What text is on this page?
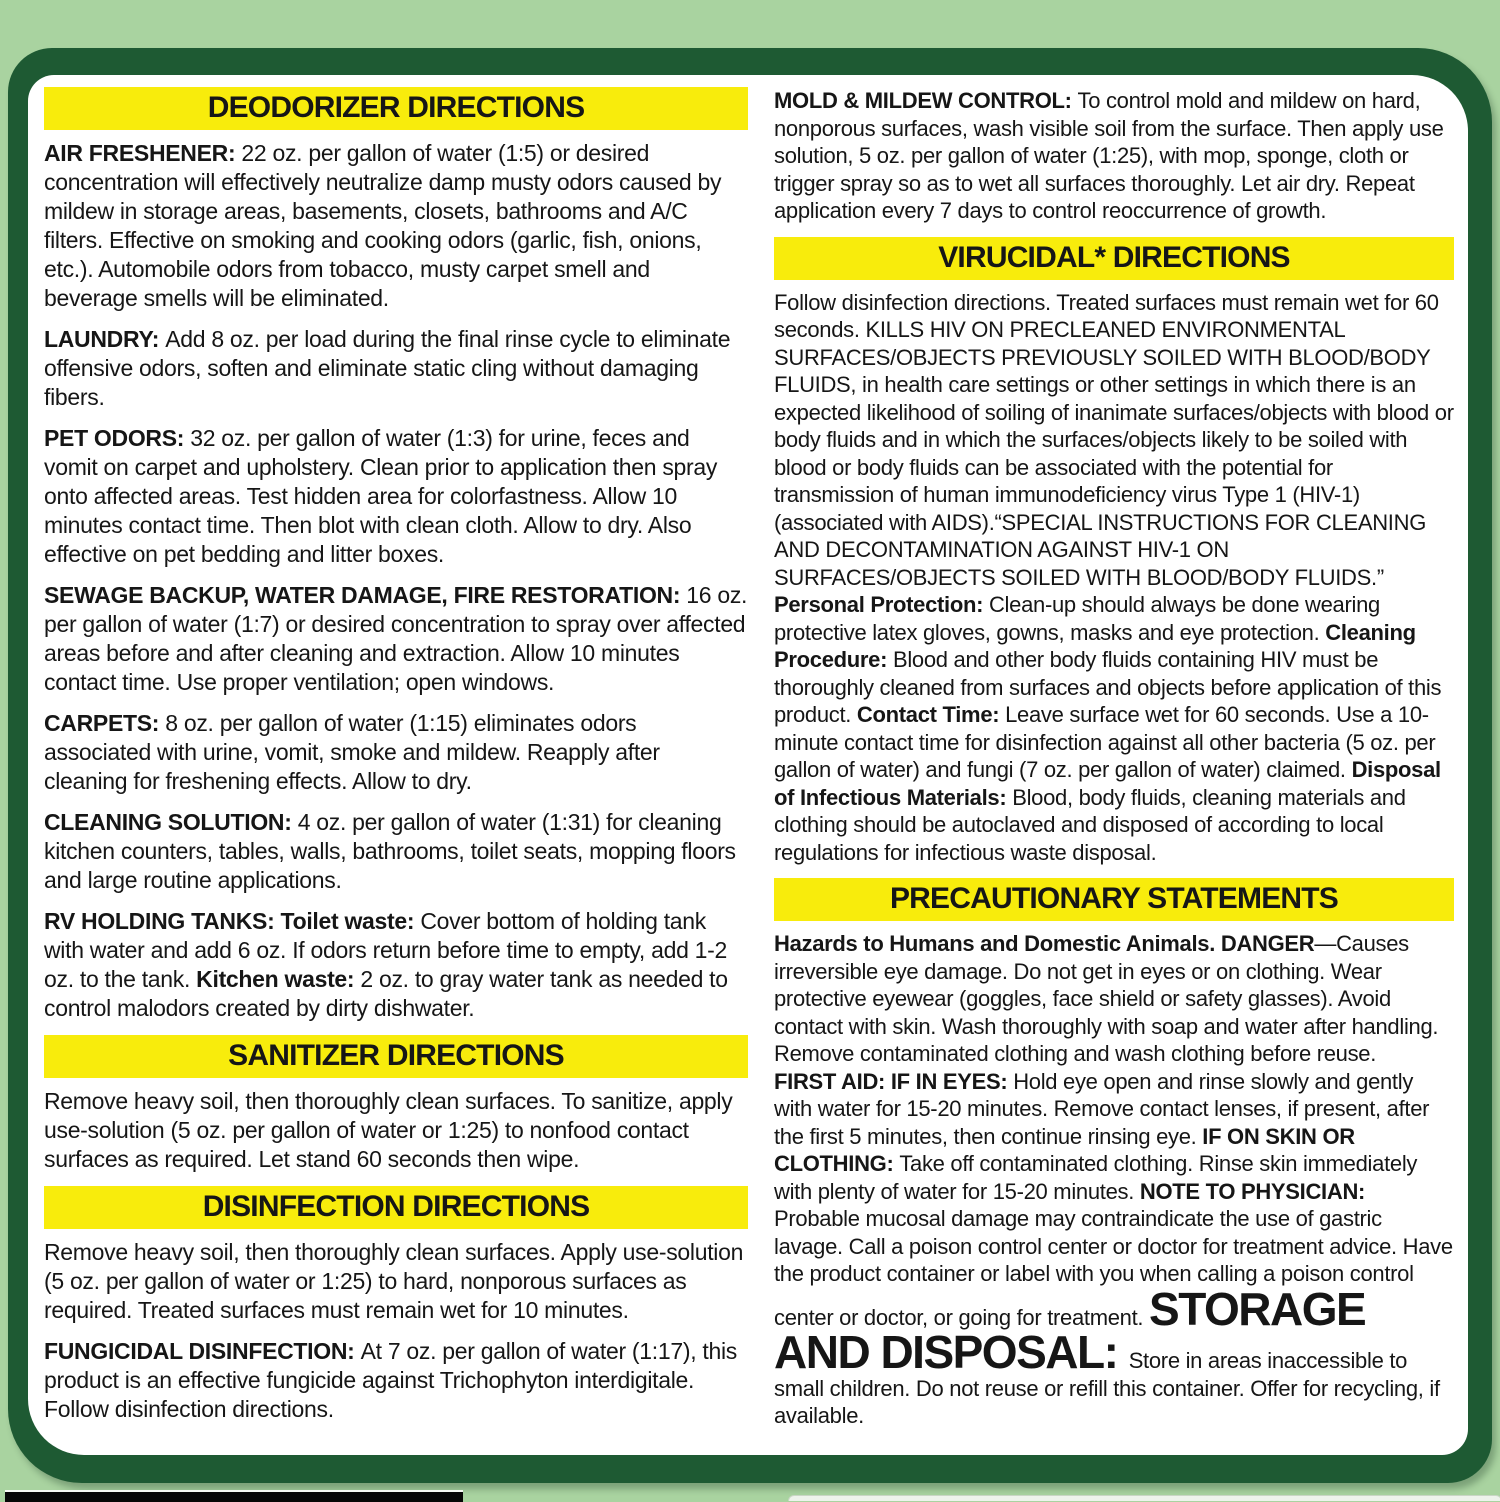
DEODORIZER DIRECTIONS

AIR FRESHENER: 22 oz. per gallon of water (1:5) or desired concentration will effectively neutralize damp musty odors caused by mildew in storage areas, basements, closets, bathrooms and A/C filters. Effective on smoking and cooking odors (garlic, fish, onions, etc.). Automobile odors from tobacco, musty carpet smell and beverage smells will be eliminated.

LAUNDRY: Add 8 oz. per load during the final rinse cycle to eliminate offensive odors, soften and eliminate static cling without damaging fibers.

PET ODORS: 32 oz. per gallon of water (1:3) for urine, feces and vomit on carpet and upholstery. Clean prior to application then spray onto affected areas. Test hidden area for colorfastness. Allow 10 minutes contact time. Then blot with clean cloth. Allow to dry. Also effective on pet bedding and litter boxes.

SEWAGE BACKUP, WATER DAMAGE, FIRE RESTORATION: 16 oz. per gallon of water (1:7) or desired concentration to spray over affected areas before and after cleaning and extraction. Allow 10 minutes contact time. Use proper ventilation; open windows.

CARPETS: 8 oz. per gallon of water (1:15) eliminates odors associated with urine, vomit, smoke and mildew. Reapply after cleaning for freshening effects. Allow to dry.

CLEANING SOLUTION: 4 oz. per gallon of water (1:31) for cleaning kitchen counters, tables, walls, bathrooms, toilet seats, mopping floors and large routine applications.

RV HOLDING TANKS: Toilet waste: Cover bottom of holding tank with water and add 6 oz. If odors return before time to empty, add 1-2 oz. to the tank. Kitchen waste: 2 oz. to gray water tank as needed to control malodors created by dirty dishwater.

SANITIZER DIRECTIONS

Remove heavy soil, then thoroughly clean surfaces. To sanitize, apply use-solution (5 oz. per gallon of water or 1:25) to nonfood contact surfaces as required. Let stand 60 seconds then wipe.

DISINFECTION DIRECTIONS

Remove heavy soil, then thoroughly clean surfaces. Apply use-solution (5 oz. per gallon of water or 1:25) to hard, nonporous surfaces as required. Treated surfaces must remain wet for 10 minutes.

FUNGICIDAL DISINFECTION: At 7 oz. per gallon of water (1:17), this product is an effective fungicide against Trichophyton interdigitale. Follow disinfection directions.

MOLD & MILDEW CONTROL: To control mold and mildew on hard, nonporous surfaces, wash visible soil from the surface. Then apply use solution, 5 oz. per gallon of water (1:25), with mop, sponge, cloth or trigger spray so as to wet all surfaces thoroughly. Let air dry. Repeat application every 7 days to control reoccurrence of growth.

VIRUCIDAL* DIRECTIONS

Follow disinfection directions. Treated surfaces must remain wet for 60 seconds. KILLS HIV ON PRECLEANED ENVIRONMENTAL SURFACES/OBJECTS PREVIOUSLY SOILED WITH BLOOD/BODY FLUIDS, in health care settings or other settings in which there is an expected likelihood of soiling of inanimate surfaces/objects with blood or body fluids and in which the surfaces/objects likely to be soiled with blood or body fluids can be associated with the potential for transmission of human immunodeficiency virus Type 1 (HIV-1)(associated with AIDS).“SPECIAL INSTRUCTIONS FOR CLEANING AND DECONTAMINATION AGAINST HIV-1 ON SURFACES/OBJECTS SOILED WITH BLOOD/BODY FLUIDS.” Personal Protection: Clean-up should always be done wearing protective latex gloves, gowns, masks and eye protection. Cleaning Procedure: Blood and other body fluids containing HIV must be thoroughly cleaned from surfaces and objects before application of this product. Contact Time: Leave surface wet for 60 seconds. Use a 10-minute contact time for disinfection against all other bacteria (5 oz. per gallon of water) and fungi (7 oz. per gallon of water) claimed. Disposal of Infectious Materials: Blood, body fluids, cleaning materials and clothing should be autoclaved and disposed of according to local regulations for infectious waste disposal.

PRECAUTIONARY STATEMENTS

Hazards to Humans and Domestic Animals. DANGER—Causes irreversible eye damage. Do not get in eyes or on clothing. Wear protective eyewear (goggles, face shield or safety glasses). Avoid contact with skin. Wash thoroughly with soap and water after handling. Remove contaminated clothing and wash clothing before reuse.

FIRST AID: IF IN EYES: Hold eye open and rinse slowly and gently with water for 15-20 minutes. Remove contact lenses, if present, after the first 5 minutes, then continue rinsing eye. IF ON SKIN OR CLOTHING: Take off contaminated clothing. Rinse skin immediately with plenty of water for 15-20 minutes. NOTE TO PHYSICIAN: Probable mucosal damage may contraindicate the use of gastric lavage. Call a poison control center or doctor for treatment advice. Have the product container or label with you when calling a poison control center or doctor, or going for treatment. STORAGE AND DISPOSAL: Store in areas inaccessible to small children. Do not reuse or refill this container. Offer for recycling, if available.
